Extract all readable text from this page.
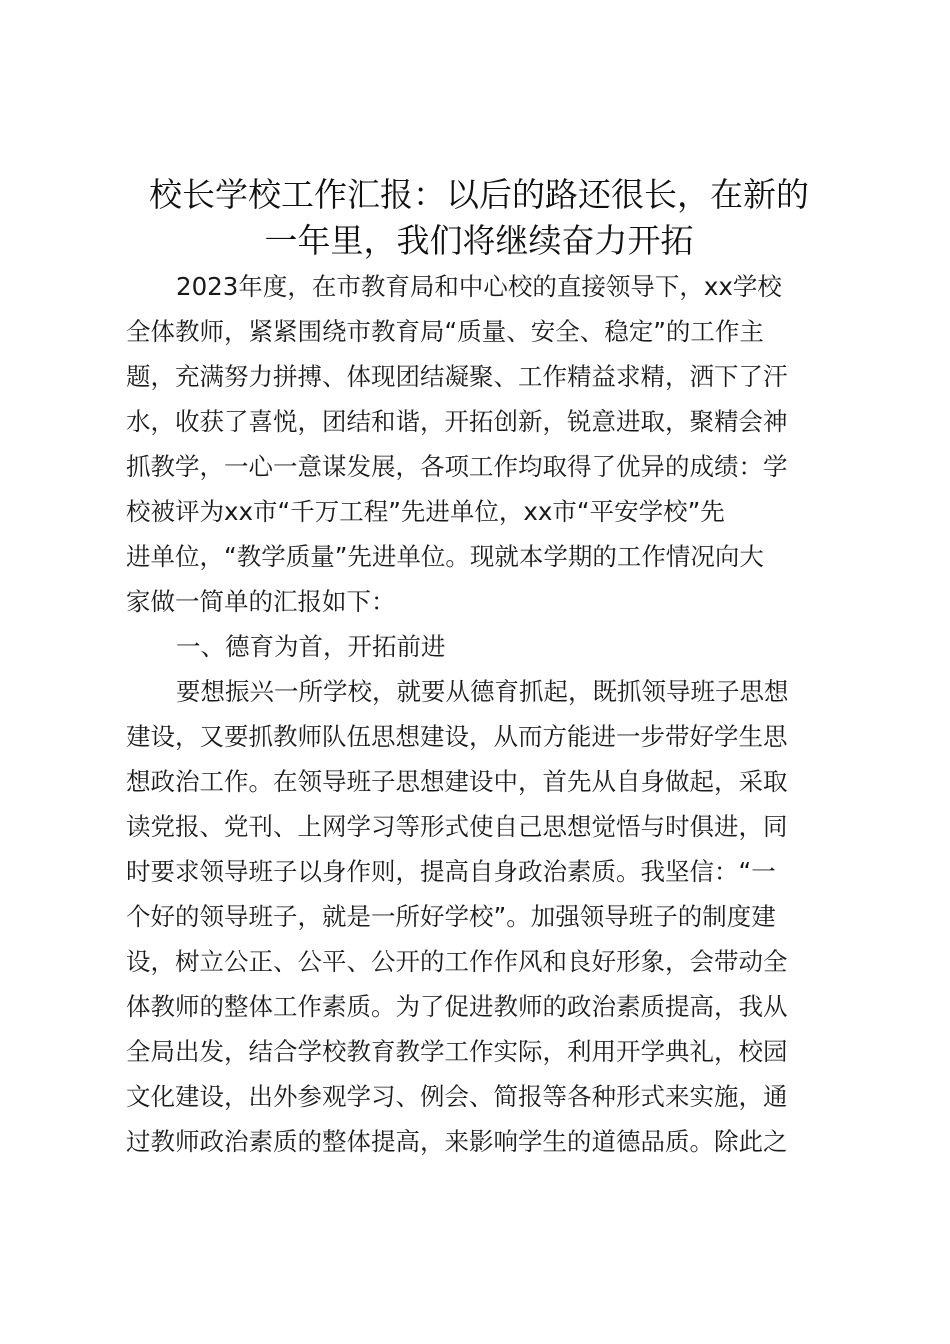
校长学校工作汇报：以后的路还很长，在新的
一年里，我们将继续奋力开拓

2023年度，在市教育局和中心校的直接领导下，xx学校
全体教师，紧紧围绕市教育局“质量、安全、稳定”的工作主
题，充满努力拼搏、体现团结凝聚、工作精益求精，洒下了汗
水，收获了喜悦，团结和谐，开拓创新，锐意进取，聚精会神
抓教学，一心一意谋发展，各项工作均取得了优异的成绩：学
校被评为xx市“千万工程”先进单位，xx市“平安学校”先
进单位，“教学质量”先进单位。现就本学期的工作情况向大
家做一简单的汇报如下：

一、德育为首，开拓前进

要想振兴一所学校，就要从德育抓起，既抓领导班子思想
建设，又要抓教师队伍思想建设，从而方能进一步带好学生思
想政治工作。在领导班子思想建设中，首先从自身做起，采取
读党报、党刊、上网学习等形式使自己思想觉悟与时俱进，同
时要求领导班子以身作则，提高自身政治素质。我坚信：“一
个好的领导班子，就是一所好学校”。加强领导班子的制度建
设，树立公正、公平、公开的工作作风和良好形象，会带动全
体教师的整体工作素质。为了促进教师的政治素质提高，我从
全局出发，结合学校教育教学工作实际，利用开学典礼，校园
文化建设，出外参观学习、例会、简报等各种形式来实施，通
过教师政治素质的整体提高，来影响学生的道德品质。除此之
